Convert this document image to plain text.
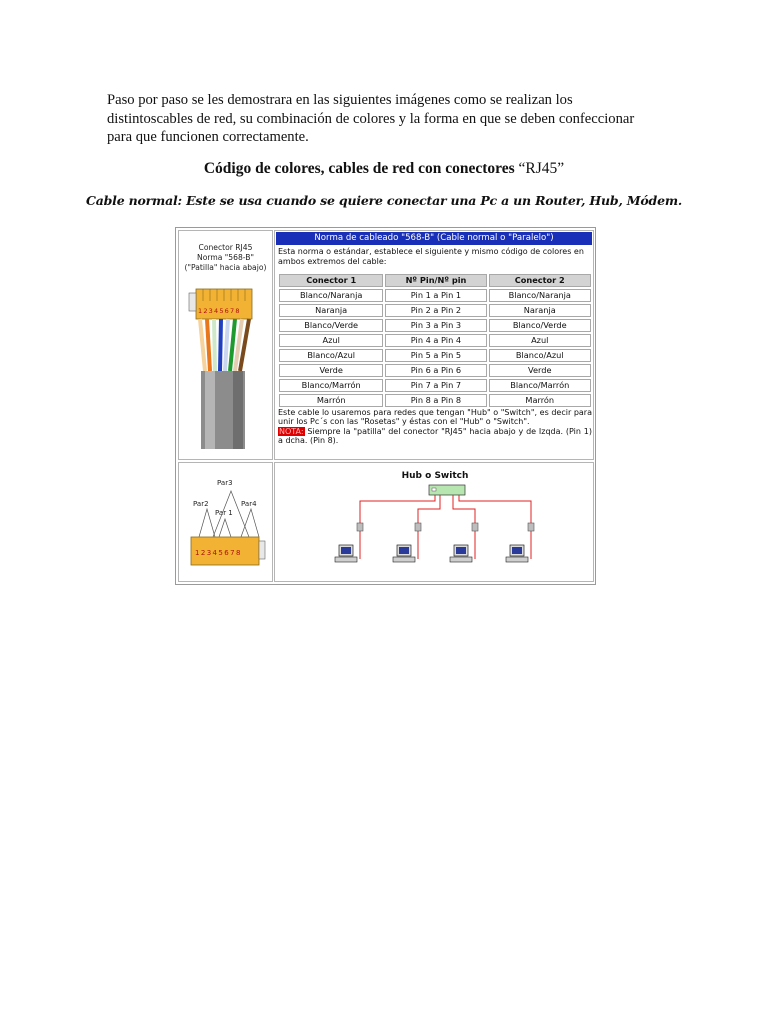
Paso por paso se les demostrara en las siguientes imágenes como se realizan los
distintoscables de red, su combinación de colores y la forma en que se deben confeccionar
para que funcionen correctamente.
Código de colores, cables de red con conectores “RJ45”
Cable normal: Este se usa cuando se quiere conectar una Pc a un Router, Hub, Módem.
Conector RJ45
Norma "568-B"
("Patilla" hacia abajo)
12345678
Par3
Par2	Par4
Par 1
12345678
Norma de cableado "568-B" (Cable normal o "Paralelo")
Esta norma o estándar, establece el siguiente y mismo código de colores en ambos extremos del cable:
Conector 1	Nº Pin/Nº pin	Conector 2
Blanco/Naranja	Pin 1 a Pin 1	Blanco/Naranja
Naranja	Pin 2 a Pin 2	Naranja
Blanco/Verde	Pin 3 a Pin 3	Blanco/Verde
Azul	Pin 4 a Pin 4	Azul
Blanco/Azul	Pin 5 a Pin 5	Blanco/Azul
Verde	Pin 6 a Pin 6	Verde
Blanco/Marrón	Pin 7 a Pin 7	Blanco/Marrón
Marrón	Pin 8 a Pin 8	Marrón
Este cable lo usaremos para redes que tengan "Hub" o "Switch", es decir para unir los Pc´s con las "Rosetas" y éstas con el "Hub" o "Switch".
NOTA: Siempre la "patilla" del conector "RJ45" hacia abajo y de Izqda. (Pin 1) a dcha. (Pin 8).
Hub o Switch
